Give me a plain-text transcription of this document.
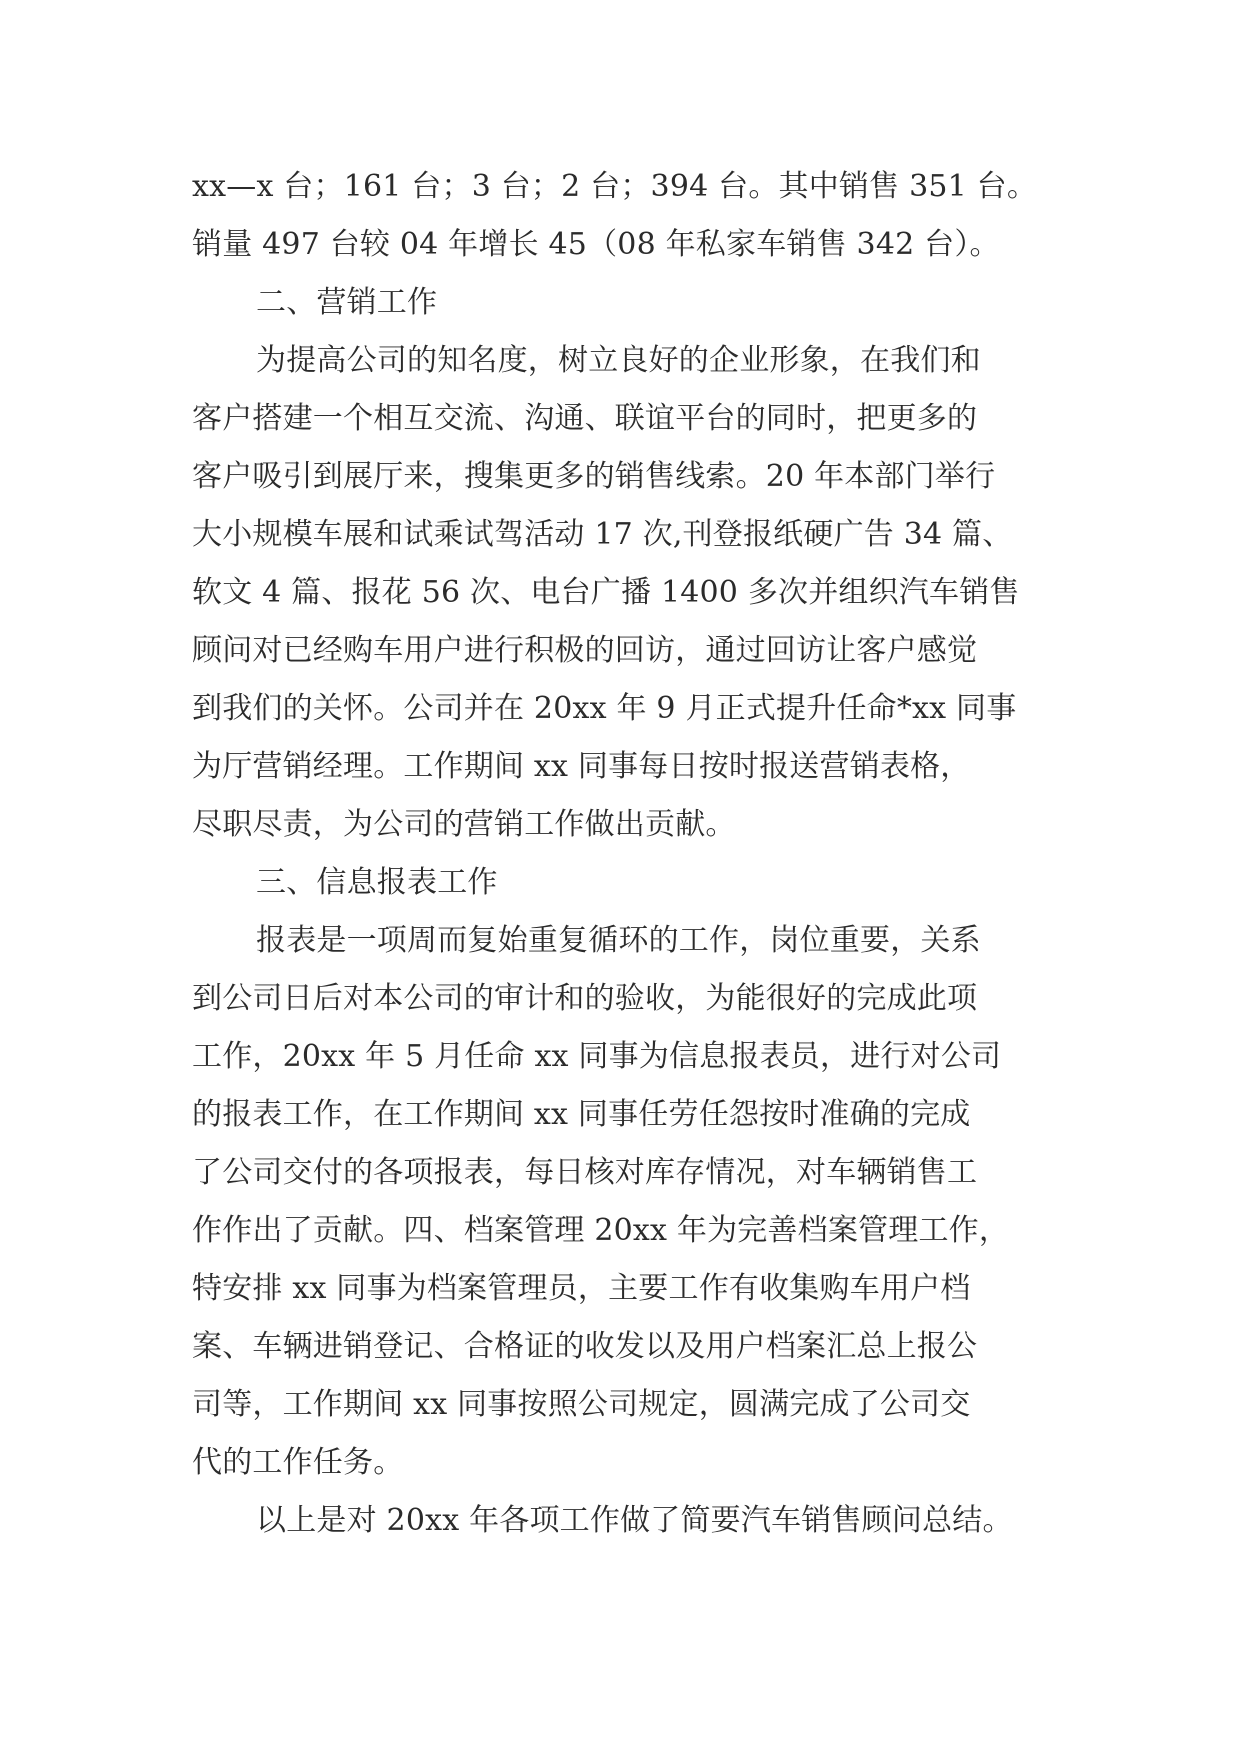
xx—x 台；161 台；3 台；2 台；394 台。其中销售 351 台。
销量 497 台较 04 年增长 45（08 年私家车销售 342 台）。
二、营销工作
为提高公司的知名度，树立良好的企业形象，在我们和
客户搭建一个相互交流、沟通、联谊平台的同时，把更多的
客户吸引到展厅来，搜集更多的销售线索。20 年本部门举行
大小规模车展和试乘试驾活动 17 次,刊登报纸硬广告 34 篇、
软文 4 篇、报花 56 次、电台广播 1400 多次并组织汽车销售
顾问对已经购车用户进行积极的回访，通过回访让客户感觉
到我们的关怀。公司并在 20xx 年 9 月正式提升任命*xx 同事
为厅营销经理。工作期间 xx 同事每日按时报送营销表格，
尽职尽责，为公司的营销工作做出贡献。
三、信息报表工作
报表是一项周而复始重复循环的工作，岗位重要，关系
到公司日后对本公司的审计和的验收，为能很好的完成此项
工作，20xx 年 5 月任命 xx 同事为信息报表员，进行对公司
的报表工作，在工作期间 xx 同事任劳任怨按时准确的完成
了公司交付的各项报表，每日核对库存情况，对车辆销售工
作作出了贡献。四、档案管理 20xx 年为完善档案管理工作，
特安排 xx 同事为档案管理员，主要工作有收集购车用户档
案、车辆进销登记、合格证的收发以及用户档案汇总上报公
司等，工作期间 xx 同事按照公司规定，圆满完成了公司交
代的工作任务。
以上是对 20xx 年各项工作做了简要汽车销售顾问总结。
